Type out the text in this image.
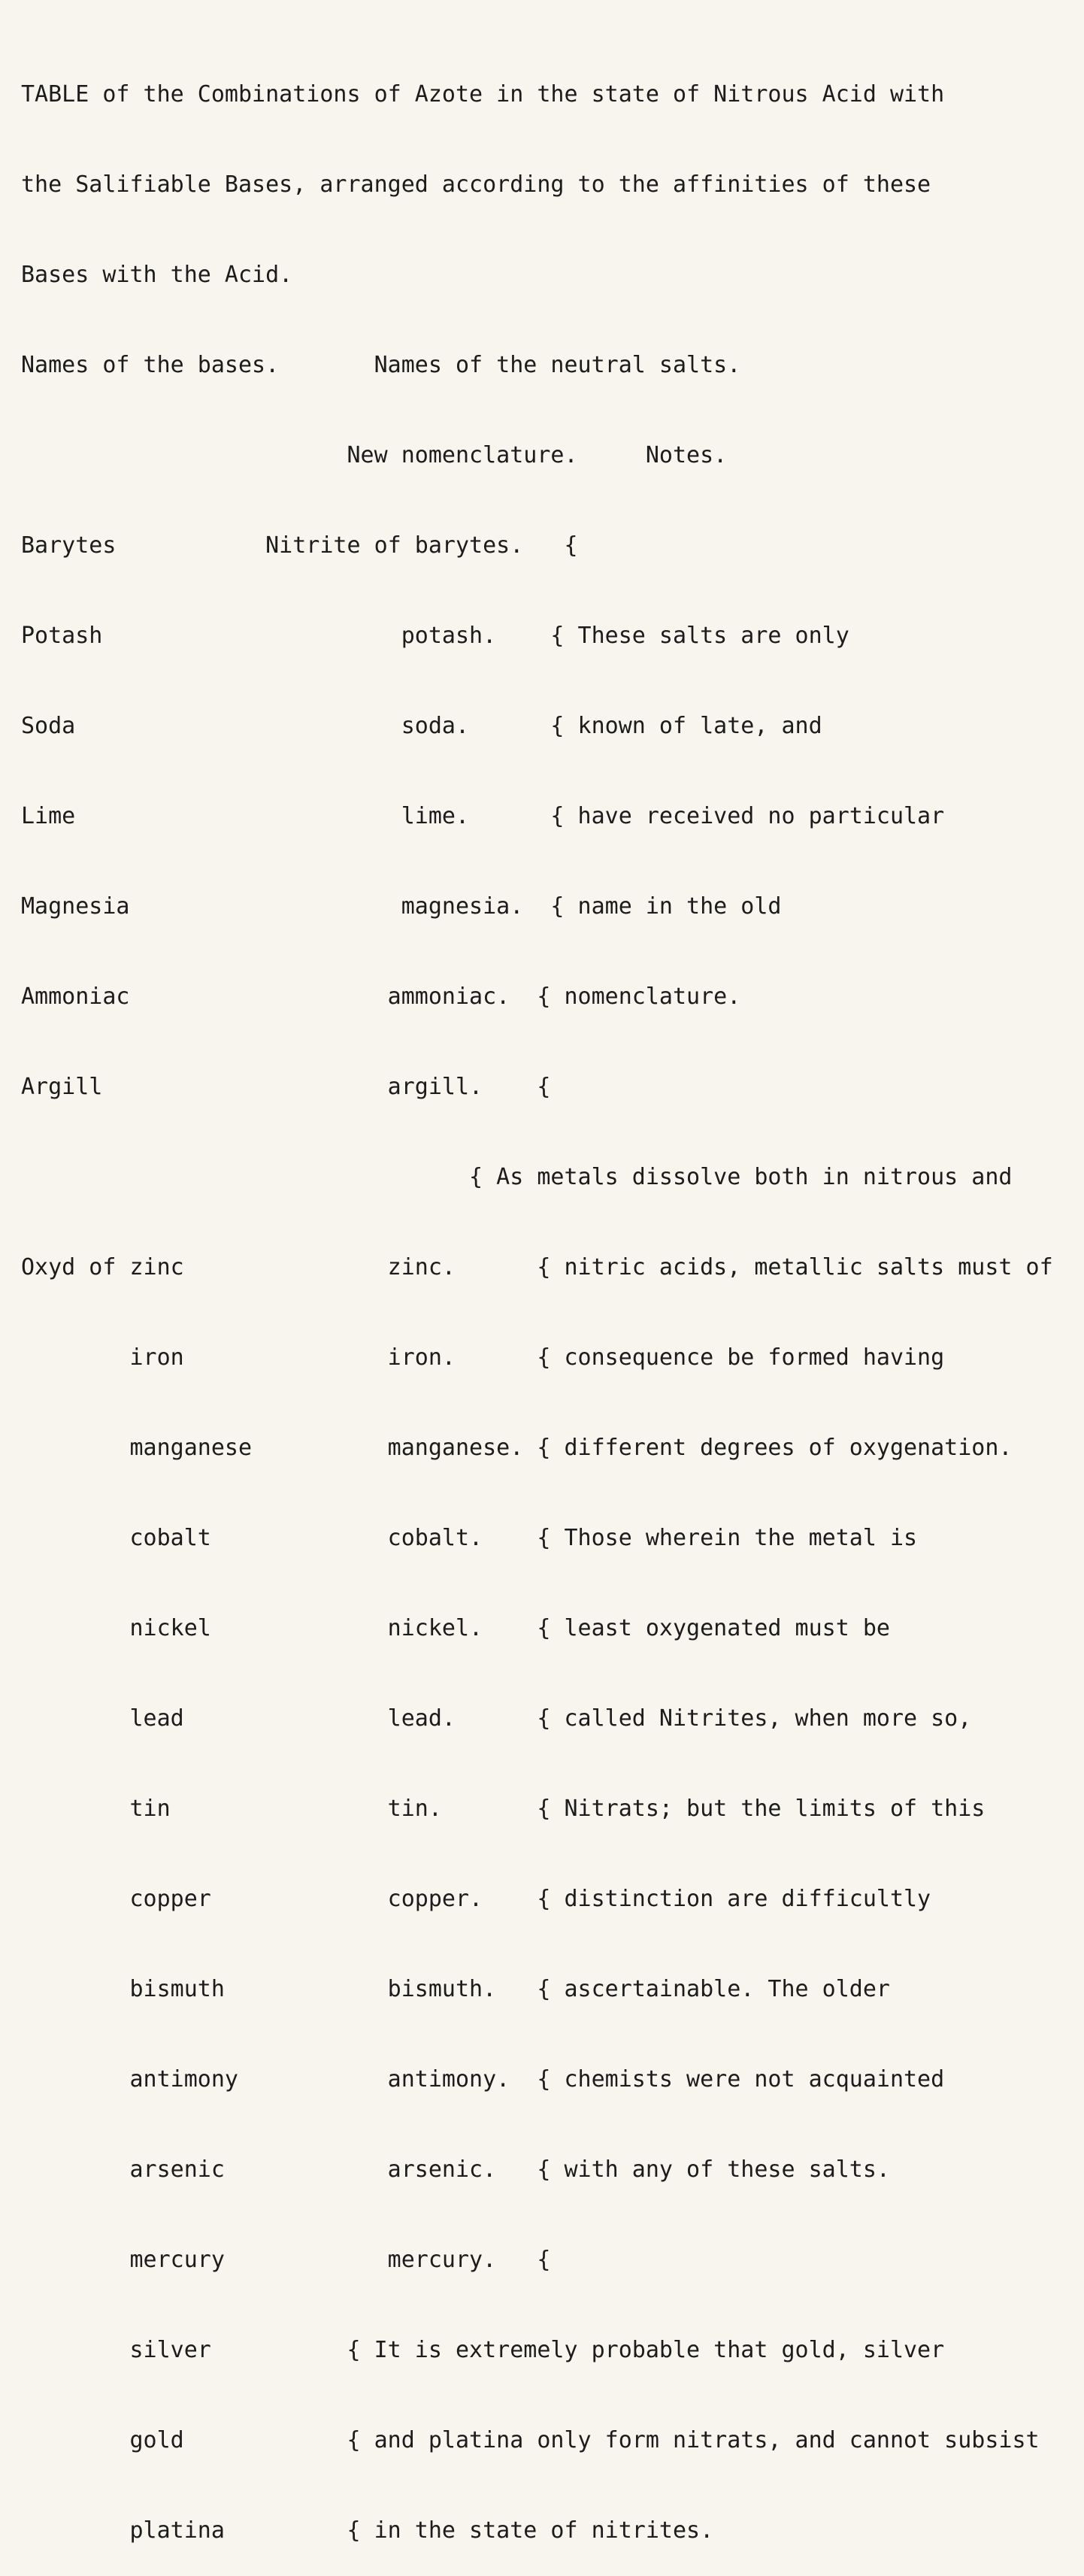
TABLE of the Combinations of Azote in the state of Nitrous Acid with

the Salifiable Bases, arranged according to the affinities of these

Bases with the Acid.

Names of the bases.       Names of the neutral salts.

New nomenclature.     Notes.

Barytes           Nitrite of barytes.   {

Potash                      potash.    { These salts are only

Soda                        soda.      { known of late, and

Lime                        lime.      { have received no particular

Magnesia                    magnesia.  { name in the old

Ammoniac                   ammoniac.  { nomenclature.

Argill                     argill.    {

{ As metals dissolve both in nitrous and

Oxyd of zinc               zinc.      { nitric acids, metallic salts must of

iron               iron.      { consequence be formed having

manganese          manganese. { different degrees of oxygenation.

cobalt             cobalt.    { Those wherein the metal is

nickel             nickel.    { least oxygenated must be

lead               lead.      { called Nitrites, when more so,

tin                tin.       { Nitrats; but the limits of this

copper             copper.    { distinction are difficultly

bismuth            bismuth.   { ascertainable. The older

antimony           antimony.  { chemists were not acquainted

arsenic            arsenic.   { with any of these salts.

mercury            mercury.   {

silver          { It is extremely probable that gold, silver

gold            { and platina only form nitrats, and cannot subsist

platina         { in the state of nitrites.
